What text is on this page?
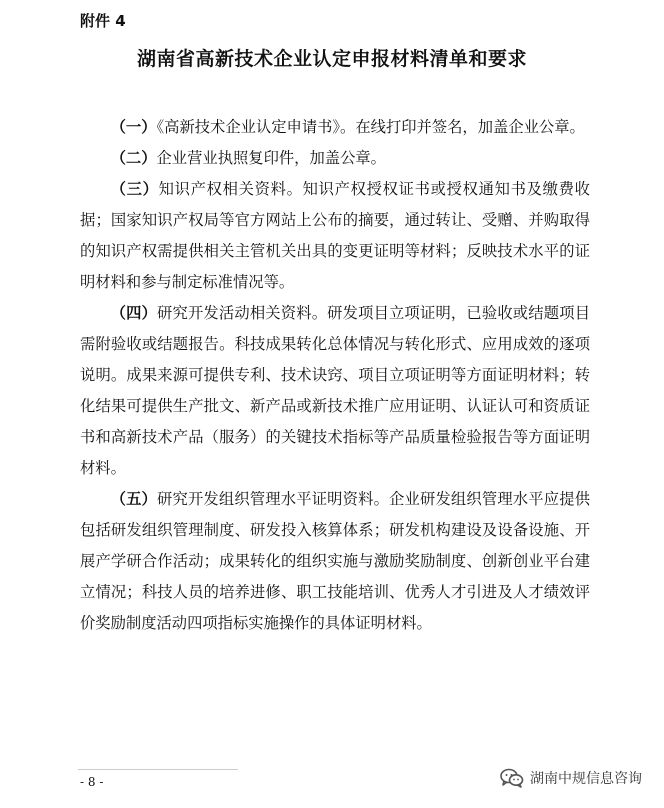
附件 4
湖南省高新技术企业认定申报材料清单和要求

（一）《高新技术企业认定申请书》。在线打印并签名，加盖企业公章。

（二）企业营业执照复印件，加盖公章。

（三）知识产权相关资料。知识产权授权证书或授权通知书及缴费收据；国家知识产权局等官方网站上公布的摘要，通过转让、受赠、并购取得的知识产权需提供相关主管机关出具的变更证明等材料；反映技术水平的证明材料和参与制定标准情况等。

（四）研究开发活动相关资料。研发项目立项证明，已验收或结题项目需附验收或结题报告。科技成果转化总体情况与转化形式、应用成效的逐项说明。成果来源可提供专利、技术诀窍、项目立项证明等方面证明材料；转化结果可提供生产批文、新产品或新技术推广应用证明、认证认可和资质证书和高新技术产品（服务）的关键技术指标等产品质量检验报告等方面证明材料。

（五）研究开发组织管理水平证明资料。企业研发组织管理水平应提供包括研发组织管理制度、研发投入核算体系；研发机构建设及设备设施、开展产学研合作活动；成果转化的组织实施与激励奖励制度、创新创业平台建立情况；科技人员的培养进修、职工技能培训、优秀人才引进及人才绩效评价奖励制度活动四项指标实施操作的具体证明材料。

- 8 -	湖南中规信息咨询
